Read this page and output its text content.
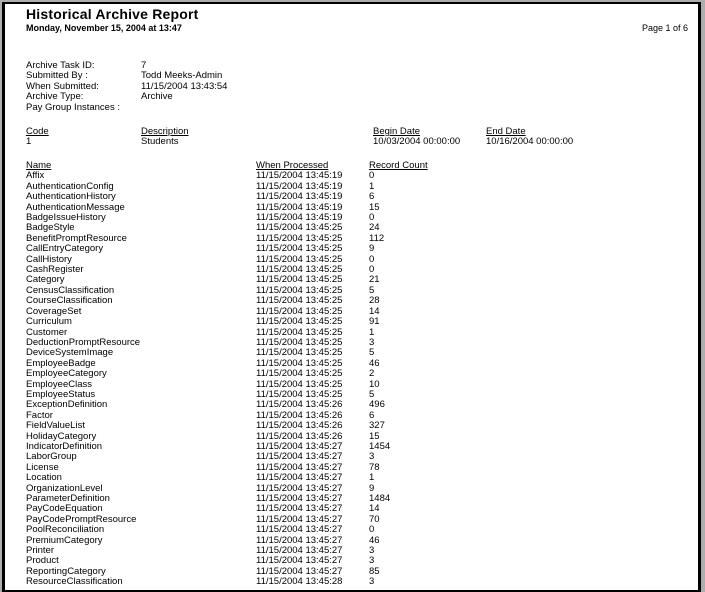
Historical Archive Report
Monday, November 15, 2004 at 13:47	Page 1 of 6
Archive Task ID:	7
Submitted By :	Todd Meeks-Admin
When Submitted:	11/15/2004 13:43:54
Archive Type:	Archive
Pay Group Instances :
Code	Description	Begin Date	End Date
1	Students	10/03/2004 00:00:00	10/16/2004 00:00:00
Name	When Processed	Record Count
Affix	11/15/2004 13:45:19	0
AuthenticationConfig	11/15/2004 13:45:19	1
AuthenticationHistory	11/15/2004 13:45:19	6
AuthenticationMessage	11/15/2004 13:45:19	15
BadgeIssueHistory	11/15/2004 13:45:19	0
BadgeStyle	11/15/2004 13:45:25	24
BenefitPromptResource	11/15/2004 13:45:25	112
CallEntryCategory	11/15/2004 13:45:25	9
CallHistory	11/15/2004 13:45:25	0
CashRegister	11/15/2004 13:45:25	0
Category	11/15/2004 13:45:25	21
CensusClassification	11/15/2004 13:45:25	5
CourseClassification	11/15/2004 13:45:25	28
CoverageSet	11/15/2004 13:45:25	14
Curriculum	11/15/2004 13:45:25	91
Customer	11/15/2004 13:45:25	1
DeductionPromptResource	11/15/2004 13:45:25	3
DeviceSystemImage	11/15/2004 13:45:25	5
EmployeeBadge	11/15/2004 13:45:25	46
EmployeeCategory	11/15/2004 13:45:25	2
EmployeeClass	11/15/2004 13:45:25	10
EmployeeStatus	11/15/2004 13:45:25	5
ExceptionDefinition	11/15/2004 13:45:26	496
Factor	11/15/2004 13:45:26	6
FieldValueList	11/15/2004 13:45:26	327
HolidayCategory	11/15/2004 13:45:26	15
IndicatorDefinition	11/15/2004 13:45:27	1454
LaborGroup	11/15/2004 13:45:27	3
License	11/15/2004 13:45:27	78
Location	11/15/2004 13:45:27	1
OrganizationLevel	11/15/2004 13:45:27	9
ParameterDefinition	11/15/2004 13:45:27	1484
PayCodeEquation	11/15/2004 13:45:27	14
PayCodePromptResource	11/15/2004 13:45:27	70
PoolReconciliation	11/15/2004 13:45:27	0
PremiumCategory	11/15/2004 13:45:27	46
Printer	11/15/2004 13:45:27	3
Product	11/15/2004 13:45:27	3
ReportingCategory	11/15/2004 13:45:27	85
ResourceClassification	11/15/2004 13:45:28	3
